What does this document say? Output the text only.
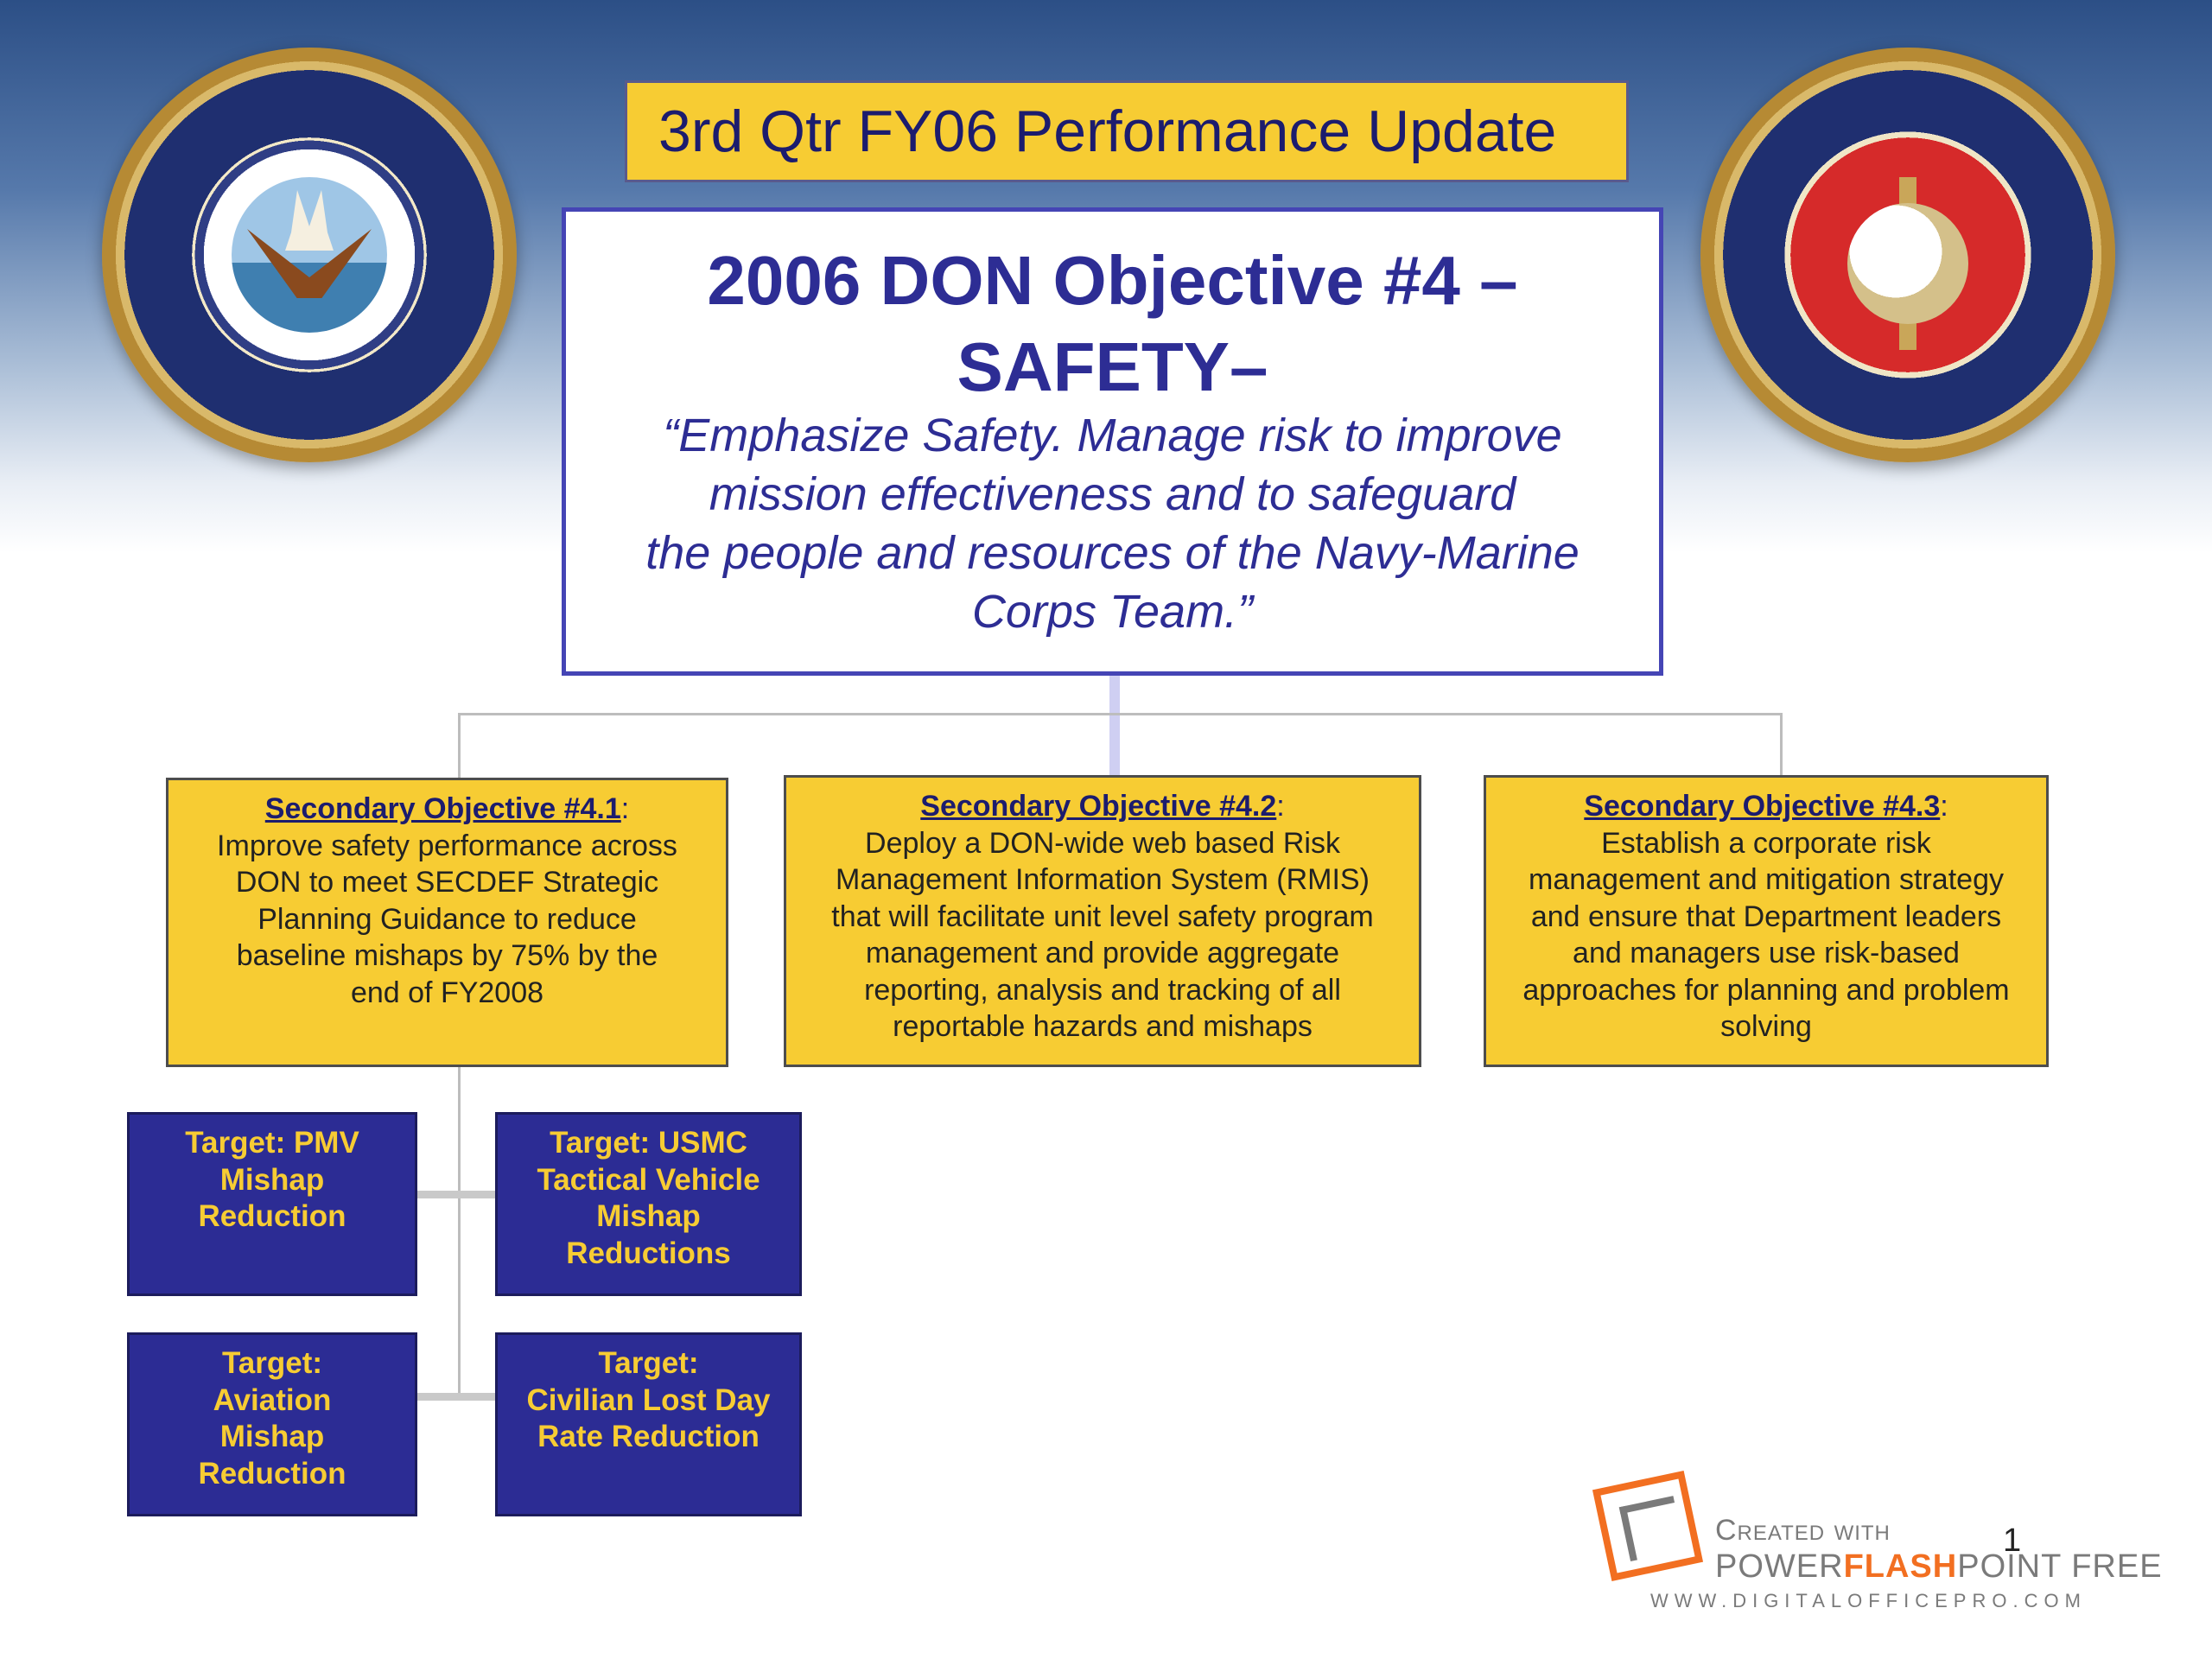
3rd Qtr FY06 Performance Update
2006 DON Objective #4 – SAFETY–
“Emphasize Safety. Manage risk to improve
mission effectiveness and to safeguard
the people and resources of the Navy-Marine
Corps Team.”
Secondary Objective #4.1:
Improve safety performance across
DON to meet SECDEF Strategic
Planning Guidance to reduce
baseline mishaps by 75% by the
end of FY2008
Secondary Objective #4.2:
Deploy a DON-wide web based Risk
Management Information System (RMIS)
that will facilitate unit level safety program
management and provide aggregate
reporting, analysis and tracking of all
reportable hazards and mishaps
Secondary Objective #4.3:
Establish a corporate risk
management and mitigation strategy
and ensure that Department leaders
and managers use risk-based
approaches for planning and problem
solving
Target: PMV
Mishap
Reduction
Target: USMC
Tactical Vehicle
Mishap
Reductions
Target:
Aviation
Mishap
Reduction
Target:
Civilian Lost Day
Rate Reduction
Created with
POWERFLASHPOINT FREE
WWW.DIGITALOFFICEPRO.COM
1
